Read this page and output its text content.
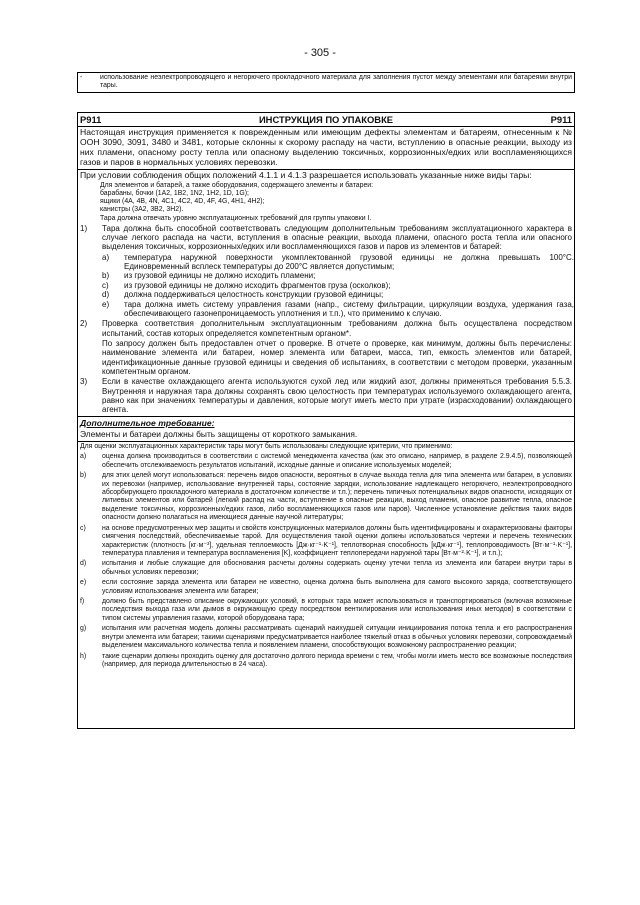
- 305 -
-	использование неэлектропроводящего и негорючего прокладочного материала для заполнения пустот между элементами или батареями внутри тары.
P911	ИНСТРУКЦИЯ ПО УПАКОВКЕ	P911
Настоящая инструкция применяется к поврежденным или имеющим дефекты элементам и батареям, отнесенным к № ООН 3090, 3091, 3480 и 3481, которые склонны к скорому распаду на части, вступлению в опасные реакции, выходу из них пламени, опасному росту тепла или опасному выделению токсичных, коррозионных/едких или воспламеняющихся газов и паров в нормальных условиях перевозки.
При условии соблюдения общих положений 4.1.1 и 4.1.3 разрешается использовать указанные ниже виды тары:
Для элементов и батарей, а также оборудования, содержащего элементы и батареи:
барабаны, бочки (1A2, 1B2, 1N2, 1H2, 1D, 1G);
ящики (4A, 4B, 4N, 4C1, 4C2, 4D, 4F, 4G, 4H1, 4H2);
канистры (3A2, 3B2, 3H2).
Тара должна отвечать уровню эксплуатационных требований для группы упаковки I.
1)	Тара должна быть способной соответствовать следующим дополнительным требованиям эксплуатационного характера в случае легкого распада на части, вступления в опасные реакции, выхода пламени, опасного роста тепла или опасного выделения токсичных, коррозионных/едких или воспламеняющихся газов и паров из элементов и батарей:
a)	температура наружной поверхности укомплектованной грузовой единицы не должна превышать 100°C. Единовременный всплеск температуры до 200°C является допустимым;
b)	из грузовой единицы не должно исходить пламени;
c)	из грузовой единицы не должно исходить фрагментов груза (осколков);
d)	должна поддерживаться целостность конструкции грузовой единицы;
e)	тара должна иметь систему управления газами (напр., систему фильтрации, циркуляции воздуха, удержания газа, обеспечивающего газонепроницаемость уплотнения и т.п.), что применимо к случаю.
2)	Проверка соответствия дополнительным эксплуатационным требованиям должна быть осуществлена посредством испытаний, состав которых определяется компетентным органом*.
По запросу должен быть предоставлен отчет о проверке. В отчете о проверке, как минимум, должны быть перечислены: наименование элемента или батареи, номер элемента или батареи, масса, тип, емкость элементов или батарей, идентификационные данные грузовой единицы и сведения об испытаниях, в соответствии с методом проверки, указанным компетентным органом.
3)	Если в качестве охлаждающего агента используются сухой лед или жидкий азот, должны применяться требования 5.5.3. Внутренняя и наружная тара должны сохранять свою целостность при температурах используемого охлаждающего агента, равно как при значениях температуры и давления, которые могут иметь место при утрате (израсходовании) охлаждающего агента.
Дополнительное требование:
Элементы и батареи должны быть защищены от короткого замыкания.
Для оценки эксплуатационных характеристик тары могут быть использованы следующие критерии, что применимо:
a)	оценка должна производиться в соответствии с системой менеджмента качества (как это описано, например, в разделе 2.9.4.5), позволяющей обеспечить отслеживаемость результатов испытаний, исходные данные и описание используемых моделей;
b)	для этих целей могут использоваться: перечень видов опасности, вероятных в случае выхода тепла для типа элемента или батареи, в условиях их перевозки (например, использование внутренней тары, состояние зарядки, использование надлежащего негорючего, неэлектропроводного абсорбирующего прокладочного материала в достаточном количестве и т.п.); перечень типичных потенциальных видов опасности, исходящих от литиевых элементов или батарей (легкий распад на части, вступление в опасные реакции, выход пламени, опасное развитие тепла, опасное выделение токсичных, коррозионных/едких газов, либо воспламеняющихся газов или паров). Численное установление действия таких видов опасности должно полагаться на имеющиеся данные научной литературы;
c)	на основе предусмотренных мер защиты и свойств конструкционных материалов должны быть идентифицированы и охарактеризованы факторы смягчения последствий, обеспечиваемые тарой. Для осуществления такой оценки должны использоваться чертежи и перечень технических характеристик (плотность [кг·м⁻³], удельная теплоемкость [Дж·кг⁻¹·K⁻¹], теплотворная способность [кДж·кг⁻¹], теплопроводимость [Вт·м⁻¹·K⁻¹], температура плавления и температура воспламенения [K], коэффициент теплопередачи наружной тары [Вт·м⁻²·K⁻¹], и т.п.);
d)	испытания и любые служащие для обоснования расчеты должны содержать оценку утечки тепла из элемента или батареи внутри тары в обычных условиях перевозки;
e)	если состояние заряда элемента или батареи не известно, оценка должна быть выполнена для самого высокого заряда, соответствующего условиям использования элемента или батареи;
f)	должно быть представлено описание окружающих условий, в которых тара может использоваться и транспортироваться (включая возможные последствия выхода газа или дымов в окружающую среду посредством вентилирования или использования иных методов) в соответствии с типом системы управления газами, которой оборудована тара;
g)	испытания или расчетная модель должны рассматривать сценарий наихудшей ситуации инициирования потока тепла и его распространения внутри элемента или батареи; такими сценариями предусматривается наиболее тяжелый отказ в обычных условиях перевозки, сопровождаемый выделением максимального количества тепла и появлением пламени, способствующих возможному распространению реакции;
h)	такие сценарии должны проходить оценку для достаточно долгого периода времени с тем, чтобы могли иметь место все возможные последствия (например, для периода длительностью в 24 часа).
